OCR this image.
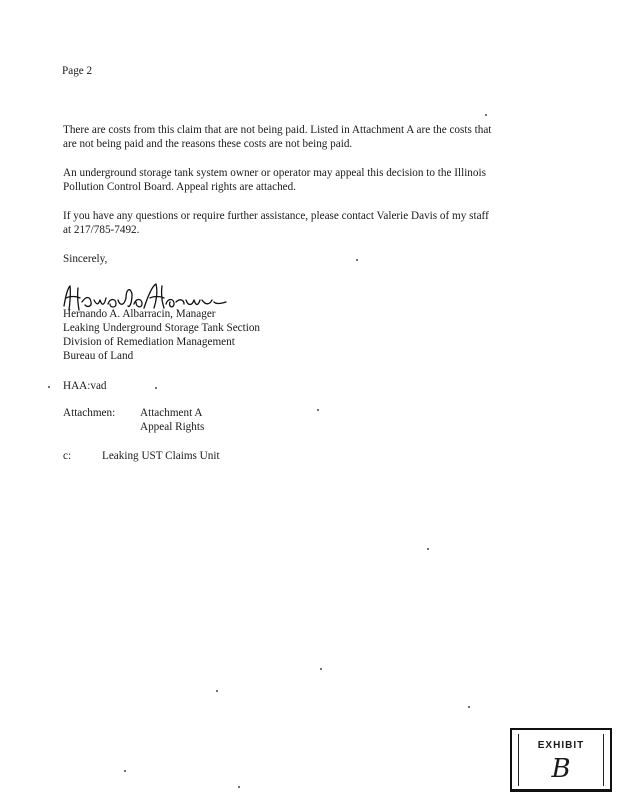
Page 2
There are costs from this claim that are not being paid. Listed in Attachment A are the costs that
are not being paid and the reasons these costs are not being paid.
An underground storage tank system owner or operator may appeal this decision to the Illinois
Pollution Control Board. Appeal rights are attached.
If you have any questions or require further assistance, please contact Valerie Davis of my staff
at 217/785-7492.
Sincerely,
Hernando A. Albarracin, Manager
Leaking Underground Storage Tank Section
Division of Remediation Management
Bureau of Land
HAA:vad
Attachmen: Attachment A
Appeal Rights
c:	Leaking UST Claims Unit
EXHIBIT
B
